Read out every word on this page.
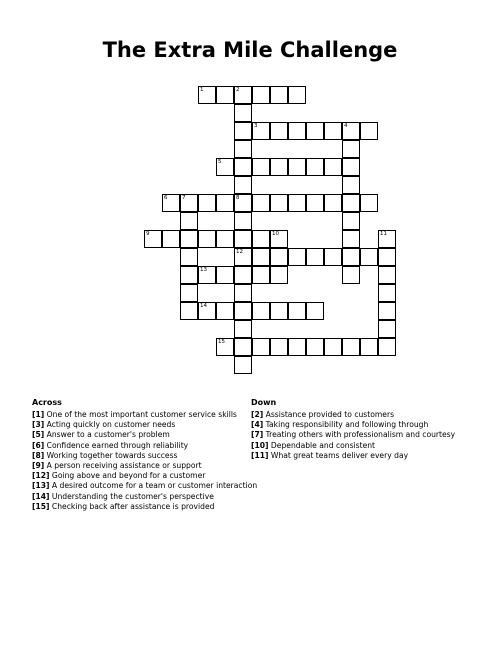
The Extra Mile Challenge
1	2
8
12
3	4
5
6	7
9	10	11
13
14
15
Across
[1] One of the most important customer service skills
[3] Acting quickly on customer needs
[5] Answer to a customer's problem
[6] Confidence earned through reliability
[8] Working together towards success
[9] A person receiving assistance or support
[12] Going above and beyond for a customer
[13] A desired outcome for a team or customer interaction
[14] Understanding the customer's perspective
[15] Checking back after assistance is provided
Down
[2] Assistance provided to customers
[4] Taking responsibility and following through
[7] Treating others with professionalism and courtesy
[10] Dependable and consistent
[11] What great teams deliver every day
